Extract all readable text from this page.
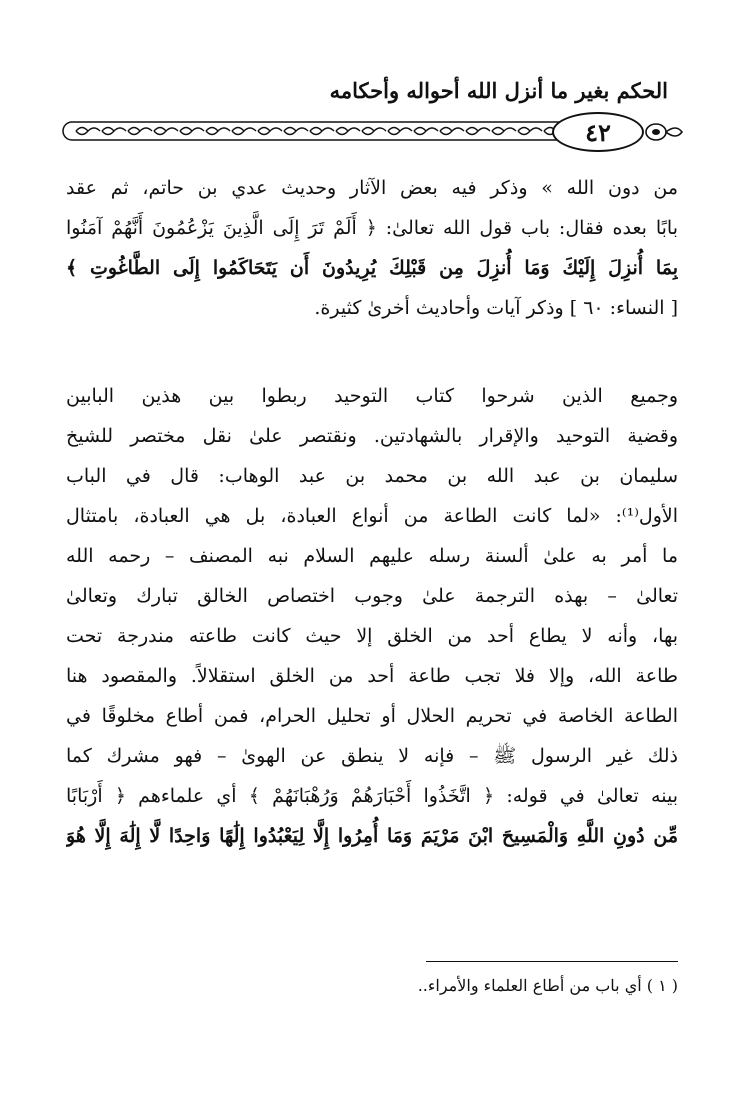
الحكم بغير ما أنزل الله أحواله وأحكامه
٤٢
من دون الله » وذكر فيه بعض الآثار وحديث عدي بن حاتم، ثم عقد
بابًا بعده فقال: باب قول الله تعالىٰ: ﴿ أَلَمْ تَرَ إِلَى الَّذِينَ يَزْعُمُونَ أَنَّهُمْ آمَنُوا
بِمَا أُنزِلَ إِلَيْكَ وَمَا أُنزِلَ مِن قَبْلِكَ يُرِيدُونَ أَن يَتَحَاكَمُوا إِلَى الطَّاغُوتِ ﴾
[ النساء: ٦٠ ] وذكر آيات وأحاديث أخرىٰ كثيرة.
وجميع الذين شرحوا كتاب التوحيد ربطوا بين هذين البابين
وقضية التوحيد والإقرار بالشهادتين. ونقتصر علىٰ نقل مختصر للشيخ
سليمان بن عبد الله بن محمد بن عبد الوهاب: قال في الباب
الأول⁽¹⁾: «لما كانت الطاعة من أنواع العبادة، بل هي العبادة، بامتثال
ما أمر به علىٰ ألسنة رسله عليهم السلام نبه المصنف – رحمه الله
تعالىٰ – بهذه الترجمة علىٰ وجوب اختصاص الخالق تبارك وتعالىٰ
بها، وأنه لا يطاع أحد من الخلق إلا حيث كانت طاعته مندرجة تحت
طاعة الله، وإلا فلا تجب طاعة أحد من الخلق استقلالاً. والمقصود هنا
الطاعة الخاصة في تحريم الحلال أو تحليل الحرام، فمن أطاع مخلوقًا في
ذلك غير الرسول ﷺ – فإنه لا ينطق عن الهوىٰ – فهو مشرك كما
بينه تعالىٰ في قوله: ﴿ اتَّخَذُوا أَحْبَارَهُمْ وَرُهْبَانَهُمْ ﴾ أي علماءهم ﴿ أَرْبَابًا
مِّن دُونِ اللَّهِ وَالْمَسِيحَ ابْنَ مَرْيَمَ وَمَا أُمِرُوا إِلَّا لِيَعْبُدُوا إِلَٰهًا وَاحِدًا لَّا إِلَٰهَ إِلَّا هُوَ
( ١ ) أي باب من أطاع العلماء والأمراء..
